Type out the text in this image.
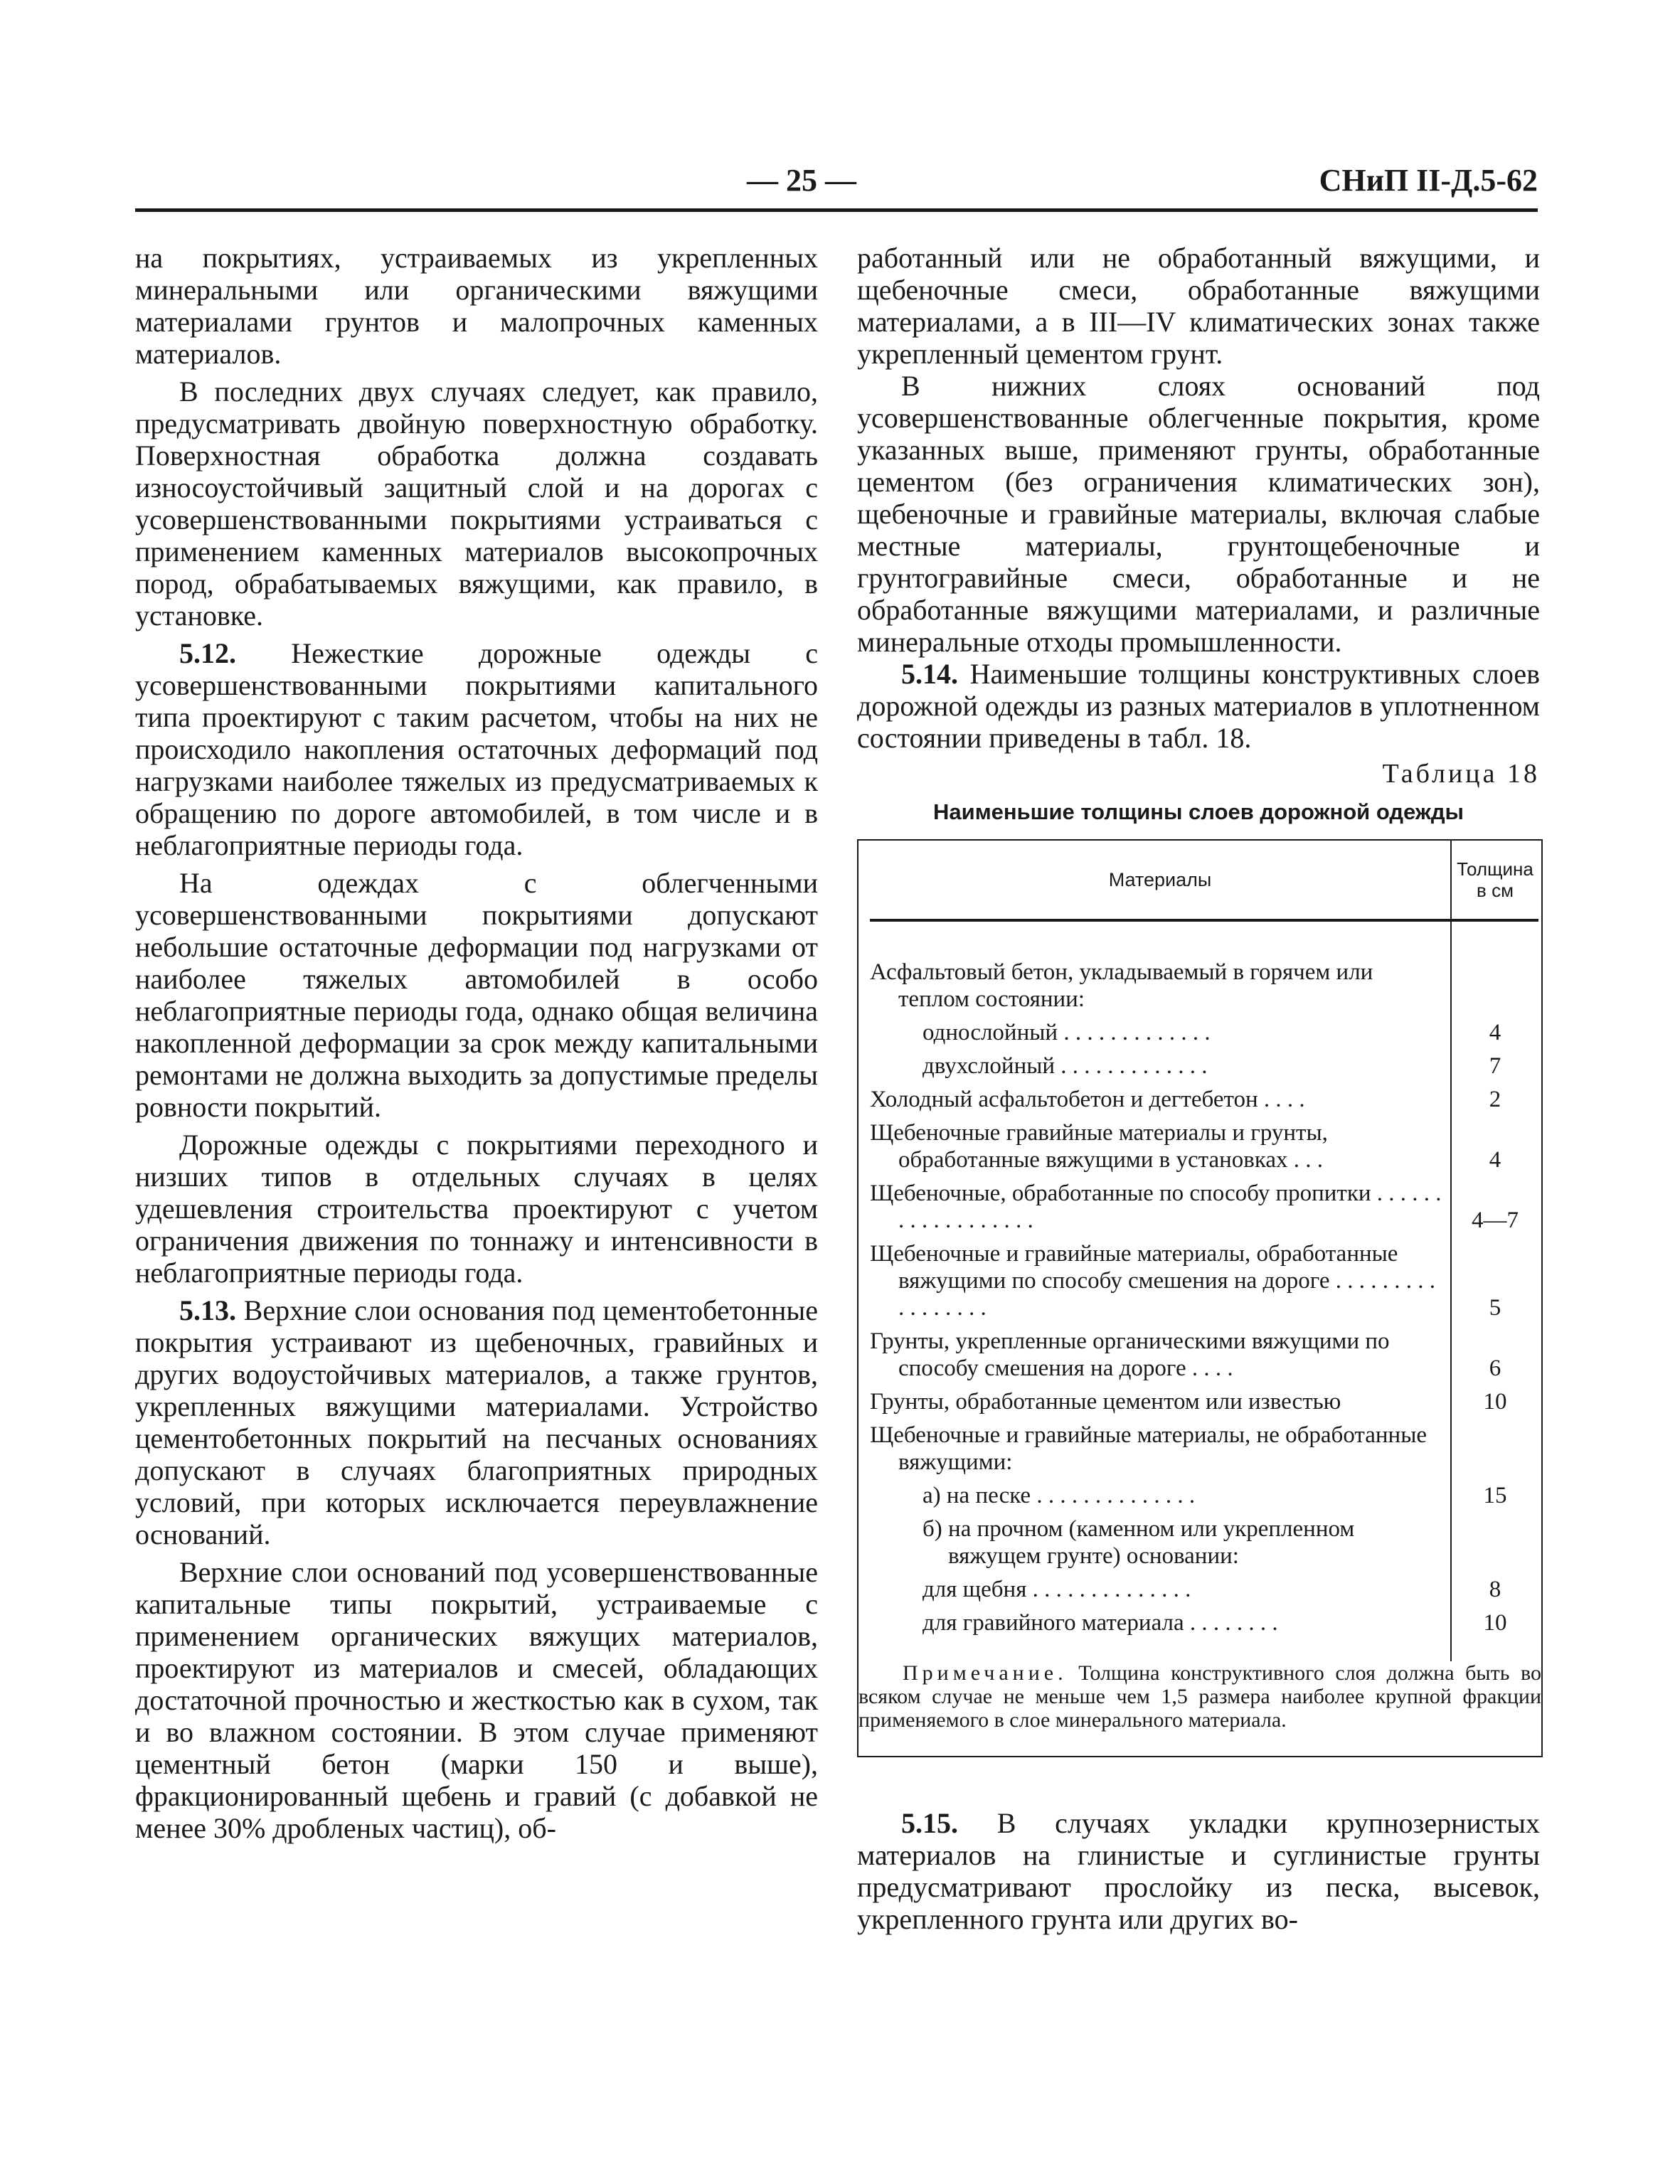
— 25 —	СНиП II-Д.5-62

на покрытиях, устраиваемых из укрепленных минеральными или органическими вяжущими материалами грунтов и малопрочных каменных материалов.

В последних двух случаях следует, как правило, предусматривать двойную поверхностную обработку. Поверхностная обработка должна создавать износоустойчивый защитный слой и на дорогах с усовершенствованными покрытиями устраиваться с применением каменных материалов высокопрочных пород, обрабатываемых вяжущими, как правило, в установке.

5.12. Нежесткие дорожные одежды с усовершенствованными покрытиями капитального типа проектируют с таким расчетом, чтобы на них не происходило накопления остаточных деформаций под нагрузками наиболее тяжелых из предусматриваемых к обращению по дороге автомобилей, в том числе и в неблагоприятные периоды года.

На одеждах с облегченными усовершенствованными покрытиями допускают небольшие остаточные деформации под нагрузками от наиболее тяжелых автомобилей в особо неблагоприятные периоды года, однако общая величина накопленной деформации за срок между капитальными ремонтами не должна выходить за допустимые пределы ровности покрытий.

Дорожные одежды с покрытиями переходного и низших типов в отдельных случаях в целях удешевления строительства проектируют с учетом ограничения движения по тоннажу и интенсивности в неблагоприятные периоды года.

5.13. Верхние слои основания под цементобетонные покрытия устраивают из щебеночных, гравийных и других водоустойчивых материалов, а также грунтов, укрепленных вяжущими материалами. Устройство цементобетонных покрытий на песчаных основаниях допускают в случаях благоприятных природных условий, при которых исключается переувлажнение оснований.

Верхние слои оснований под усовершенствованные капитальные типы покрытий, устраиваемые с применением органических вяжущих материалов, проектируют из материалов и смесей, обладающих достаточной прочностью и жесткостью как в сухом, так и во влажном состоянии. В этом случае применяют цементный бетон (марки 150 и выше), фракционированный щебень и гравий (с добавкой не менее 30% дробленых частиц), об-

работанный или не обработанный вяжущими, и щебеночные смеси, обработанные вяжущими материалами, а в III—IV климатических зонах также укрепленный цементом грунт.

В нижних слоях оснований под усовершенствованные облегченные покрытия, кроме указанных выше, применяют грунты, обработанные цементом (без ограничения климатических зон), щебеночные и гравийные материалы, включая слабые местные материалы, грунтощебеночные и грунтогравийные смеси, обработанные и не обработанные вяжущими материалами, и различные минеральные отходы промышленности.

5.14. Наименьшие толщины конструктивных слоев дорожной одежды из разных материалов в уплотненном состоянии приведены в табл. 18.

Таблица 18
Наименьшие толщины слоев дорожной одежды
Материалы	Толщина в см
Асфальтовый бетон, укладываемый в горячем или теплом состоянии:
однослойный . . . . . . . . . . . . .	4
двухслойный . . . . . . . . . . . . .	7
Холодный асфальтобетон и дегтебетон . . . .	2
Щебеночные гравийные материалы и грунты, обработанные вяжущими в установках . . .	4
Щебеночные, обработанные по способу пропитки . . . . . . . . . . . . . . . . . .	4—7
Щебеночные и гравийные материалы, обработанные вяжущими по способу смешения на дороге . . . . . . . . . . . . . . . . .	5
Грунты, укрепленные органическими вяжущими по способу смешения на дороге . . . .	6
Грунты, обработанные цементом или известью	10
Щебеночные и гравийные материалы, не обработанные вяжущими:
а) на песке . . . . . . . . . . . . . .	15
б) на прочном (каменном или укрепленном вяжущем грунте) основании:
для щебня . . . . . . . . . . . . . .	8
для гравийного материала . . . . . . . .	10

Примечание. Толщина конструктивного слоя должна быть во всяком случае не меньше чем 1,5 размера наиболее крупной фракции применяемого в слое минерального материала.

5.15. В случаях укладки крупнозернистых материалов на глинистые и суглинистые грунты предусматривают прослойку из песка, высевок, укрепленного грунта или других во-
